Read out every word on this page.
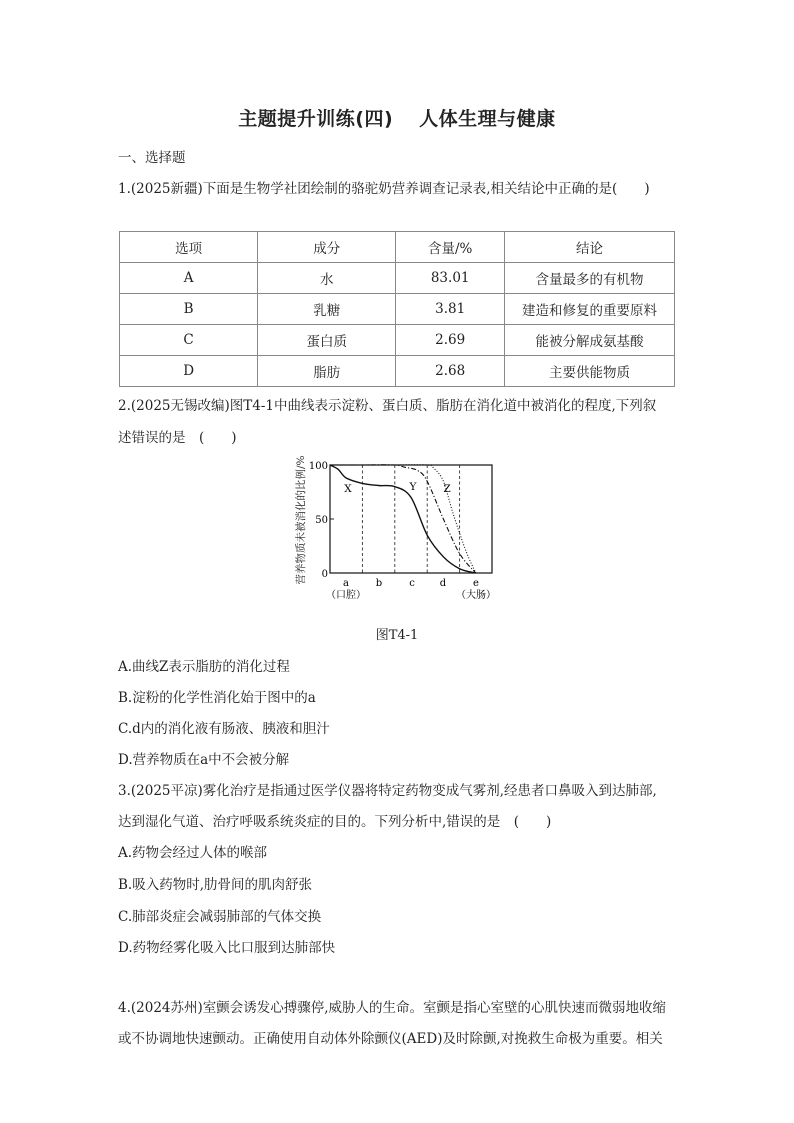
主题提升训练(四) 人体生理与健康
一、选择题
1.(2025新疆)下面是生物学社团绘制的骆驼奶营养调查记录表,相关结论中正确的是(　　)
选项	成分	含量/%	结论
A	水	83.01	含量最多的有机物
B	乳糖	3.81	建造和修复的重要原料
C	蛋白质	2.69	能被分解成氨基酸
D	脂肪	2.68	主要供能物质
2.(2025无锡改编)图T4-1中曲线表示淀粉、蛋白质、脂肪在消化道中被消化的程度,下列叙
述错误的是　(　　)
营养物质未被消化的比例/% 100
50
0
a	b	c d	e
（口腔）	（大肠）
X	Y	Z
图T4-1
A.曲线Z表示脂肪的消化过程
B.淀粉的化学性消化始于图中的a
C.d内的消化液有肠液、胰液和胆汁
D.营养物质在a中不会被分解
3.(2025平凉)雾化治疗是指通过医学仪器将特定药物变成气雾剂,经患者口鼻吸入到达肺部,
达到湿化气道、治疗呼吸系统炎症的目的。下列分析中,错误的是　(　　)
A.药物会经过人体的喉部
B.吸入药物时,肋骨间的肌肉舒张
C.肺部炎症会减弱肺部的气体交换
D.药物经雾化吸入比口服到达肺部快
4.(2024苏州)室颤会诱发心搏骤停,威胁人的生命。室颤是指心室壁的心肌快速而微弱地收缩
或不协调地快速颤动。正确使用自动体外除颤仪(AED)及时除颤,对挽救生命极为重要。相关
